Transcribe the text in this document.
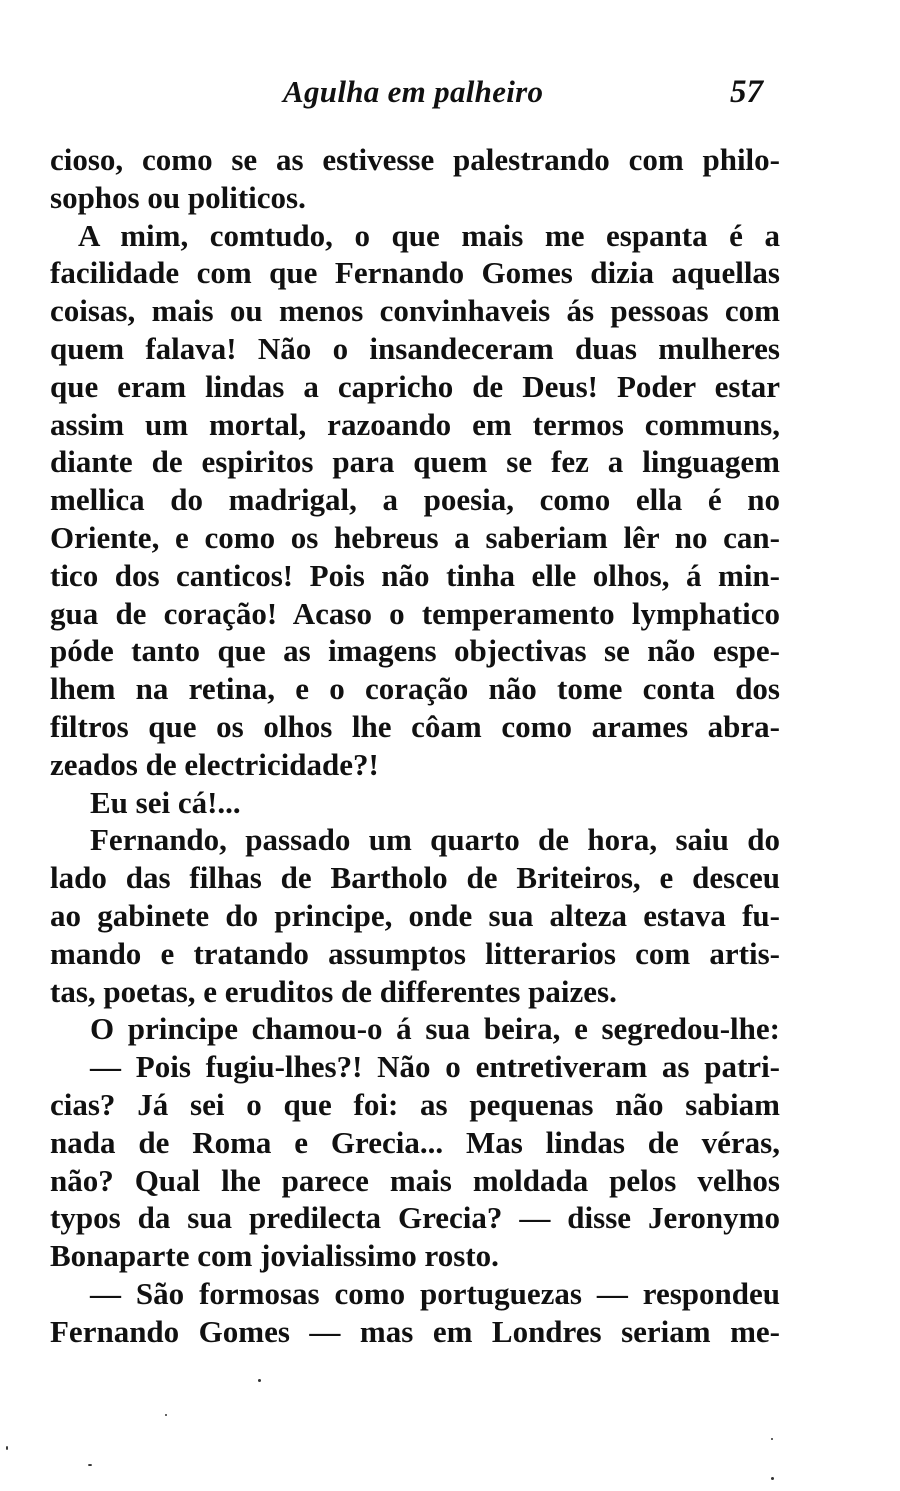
Agulha em palheiro	57
cioso, como se as estivesse palestrando com philo-
sophos ou politicos.
A mim, comtudo, o que mais me espanta é a
facilidade com que Fernando Gomes dizia aquellas
coisas, mais ou menos convinhaveis ás pessoas com
quem falava! Não o insandeceram duas mulheres
que eram lindas a capricho de Deus! Poder estar
assim um mortal, razoando em termos communs,
diante de espiritos para quem se fez a linguagem
mellica do madrigal, a poesia, como ella é no
Oriente, e como os hebreus a saberiam lêr no can-
tico dos canticos! Pois não tinha elle olhos, á min-
gua de coração! Acaso o temperamento lymphatico
póde tanto que as imagens objectivas se não espe-
lhem na retina, e o coração não tome conta dos
filtros que os olhos lhe côam como arames abra-
zeados de electricidade?!
Eu sei cá!...
Fernando, passado um quarto de hora, saiu do
lado das filhas de Bartholo de Briteiros, e desceu
ao gabinete do principe, onde sua alteza estava fu-
mando e tratando assumptos litterarios com artis-
tas, poetas, e eruditos de differentes paizes.
O principe chamou-o á sua beira, e segredou-lhe:
— Pois fugiu-lhes?! Não o entretiveram as patri-
cias? Já sei o que foi: as pequenas não sabiam
nada de Roma e Grecia... Mas lindas de véras,
não? Qual lhe parece mais moldada pelos velhos
typos da sua predilecta Grecia? — disse Jeronymo
Bonaparte com jovialissimo rosto.
— São formosas como portuguezas — respondeu
Fernando Gomes — mas em Londres seriam me-
